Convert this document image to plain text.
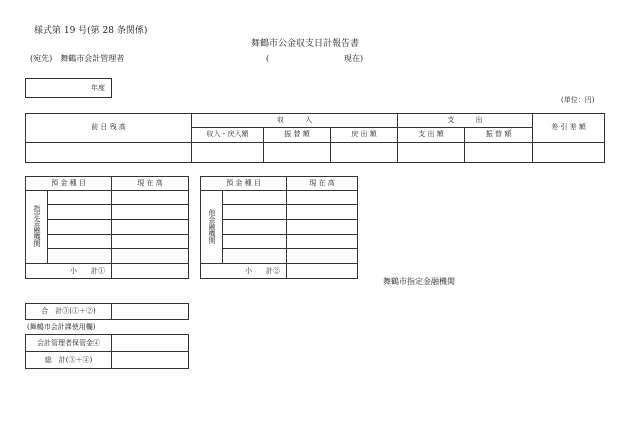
様式第 19 号(第 28 条関係)
舞鶴市公金収支日計報告書
(宛先)　舞鶴市会計管理者	(	現在)
年度
(単位：円)
前 日 残 高	収　　　入			支　　　出		差 引 差 額
	収入・戻入額	振 替 額	戻 出 額	支 出 額	振 替 額	

預 金 種 目		現 在 高
指定金融機関		

小　　計①		
預 金 種 目		現 在 高
他金融機関		

小　　計②		
舞鶴市指定金融機関
合　計③(①＋②)	
(舞鶴市会計課使用欄)
会計管理者保管金④	
総　計(③＋④)	
